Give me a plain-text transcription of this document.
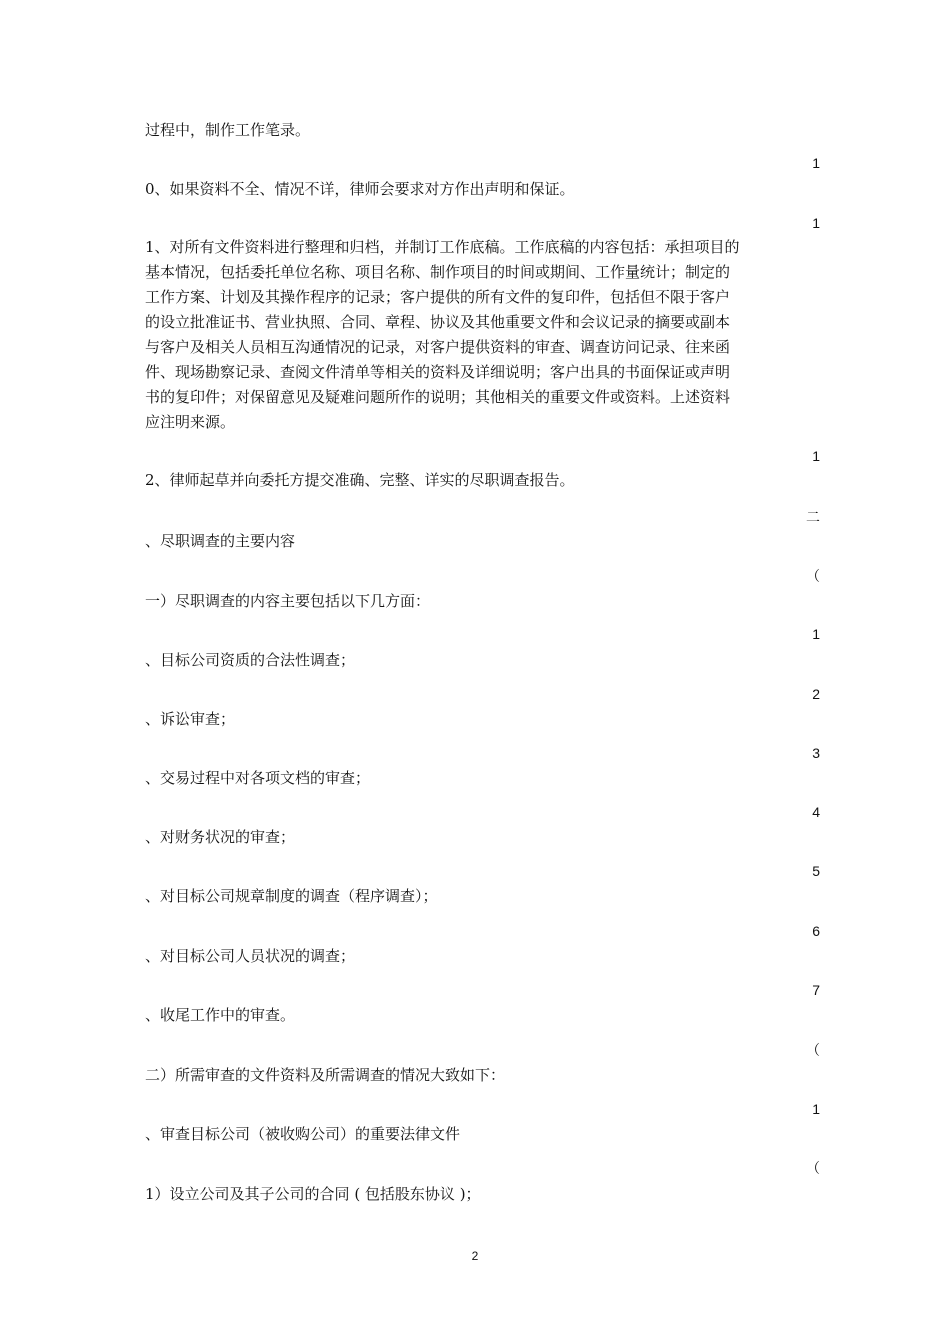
过程中，制作工作笔录。
1
0、如果资料不全、情况不详，律师会要求对方作出声明和保证。
1
1、对所有文件资料进行整理和归档，并制订工作底稿。工作底稿的内容包括：承担项目的
基本情况，包括委托单位名称、项目名称、制作项目的时间或期间、工作量统计；制定的
工作方案、计划及其操作程序的记录；客户提供的所有文件的复印件，包括但不限于客户
的设立批准证书、营业执照、合同、章程、协议及其他重要文件和会议记录的摘要或副本
与客户及相关人员相互沟通情况的记录，对客户提供资料的审查、调查访问记录、往来函
件、现场勘察记录、查阅文件清单等相关的资料及详细说明；客户出具的书面保证或声明
书的复印件；对保留意见及疑难问题所作的说明；其他相关的重要文件或资料。上述资料
应注明来源。
1
2、律师起草并向委托方提交准确、完整、详实的尽职调查报告。
二
、尽职调查的主要内容
（
一）尽职调查的内容主要包括以下几方面：
1
、目标公司资质的合法性调查；
2
、诉讼审查；
3
、交易过程中对各项文档的审查；
4
、对财务状况的审查；
5
、对目标公司规章制度的调查（程序调查）；
6
、对目标公司人员状况的调查；
7
、收尾工作中的审查。
（
二）所需审查的文件资料及所需调查的情况大致如下：
1
、审查目标公司（被收购公司）的重要法律文件
（
1）设立公司及其子公司的合同 ( 包括股东协议 )；
2
